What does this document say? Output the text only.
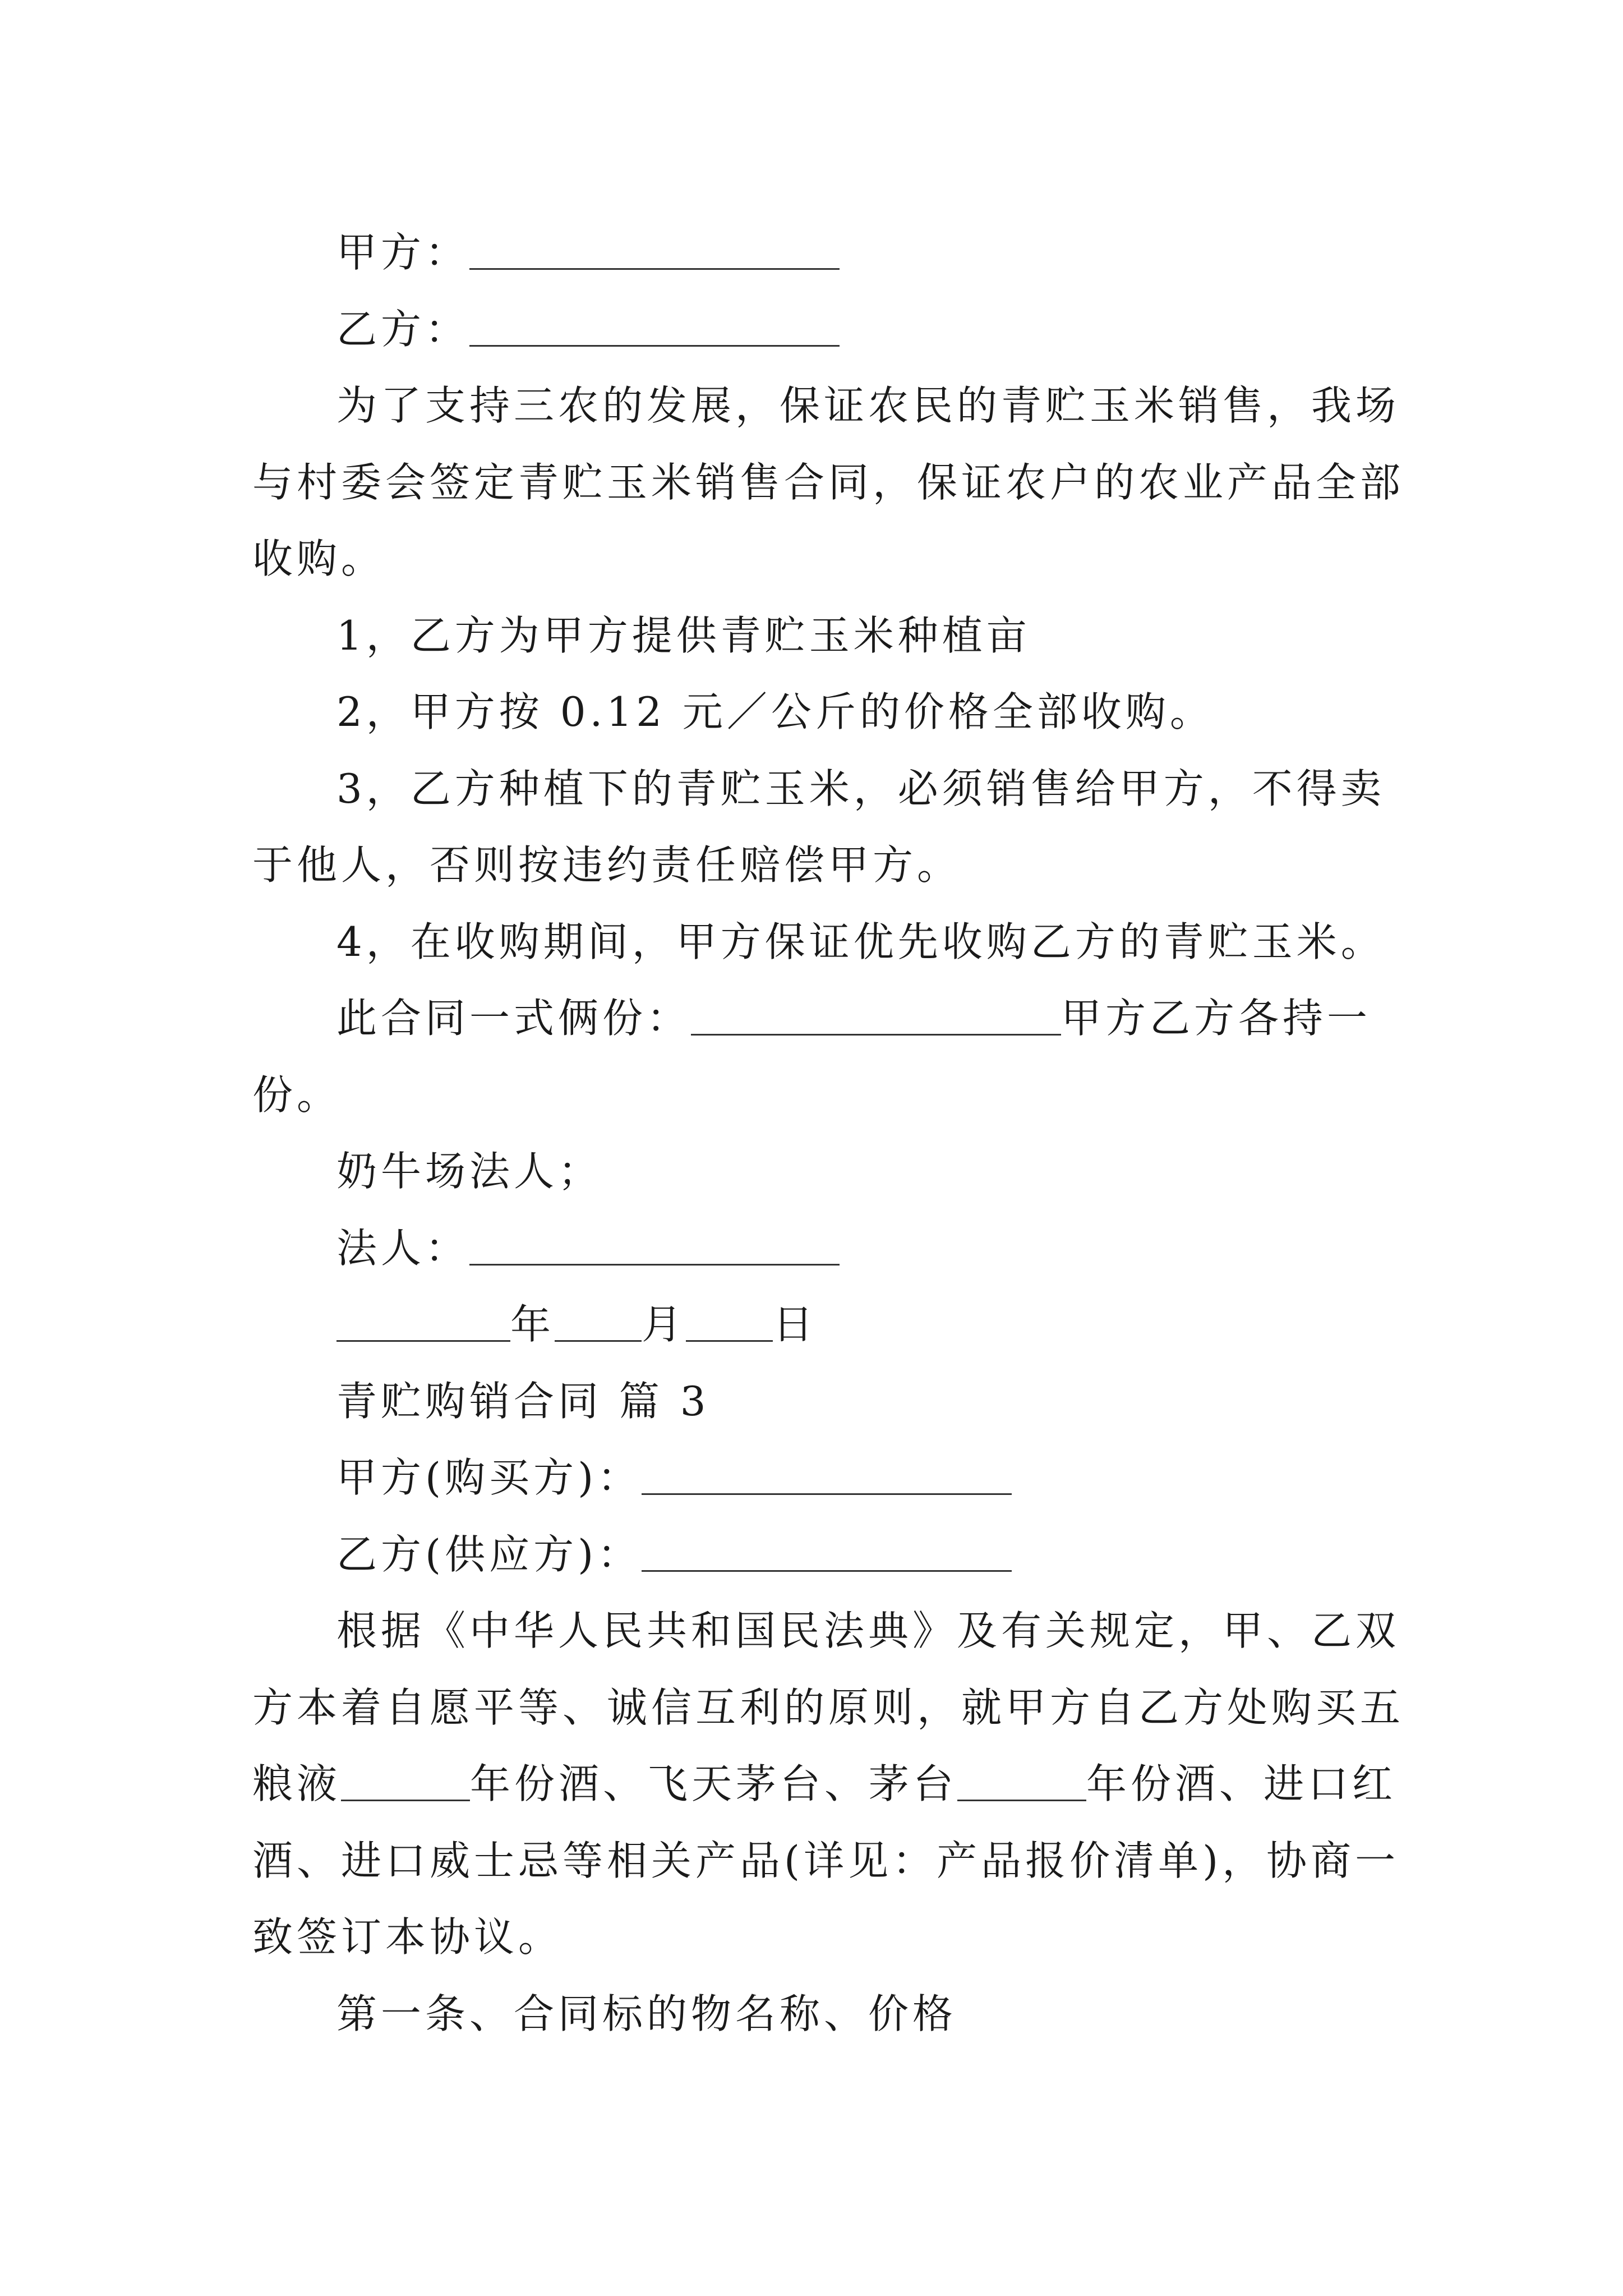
甲方：
乙方：
为了支持三农的发展，保证农民的青贮玉米销售，我场
与村委会签定青贮玉米销售合同，保证农户的农业产品全部
收购。
1，乙方为甲方提供青贮玉米种植亩
2，甲方按 0.12 元／公斤的价格全部收购。
3，乙方种植下的青贮玉米，必须销售给甲方，不得卖
于他人，否则按违约责任赔偿甲方。
4，在收购期间，甲方保证优先收购乙方的青贮玉米。
此合同一式俩份：	甲方乙方各持一
份。
奶牛场法人；
法人：
年 月 日
青贮购销合同 篇 3
甲方(购买方)：
乙方(供应方)：
根据《中华人民共和国民法典》及有关规定，甲、乙双
方本着自愿平等、诚信互利的原则，就甲方自乙方处购买五
粮液	年份酒、飞天茅台、茅台	年份酒、进口红
酒、进口威士忌等相关产品(详见：产品报价清单)，协商一
致签订本协议。
第一条、合同标的物名称、价格
